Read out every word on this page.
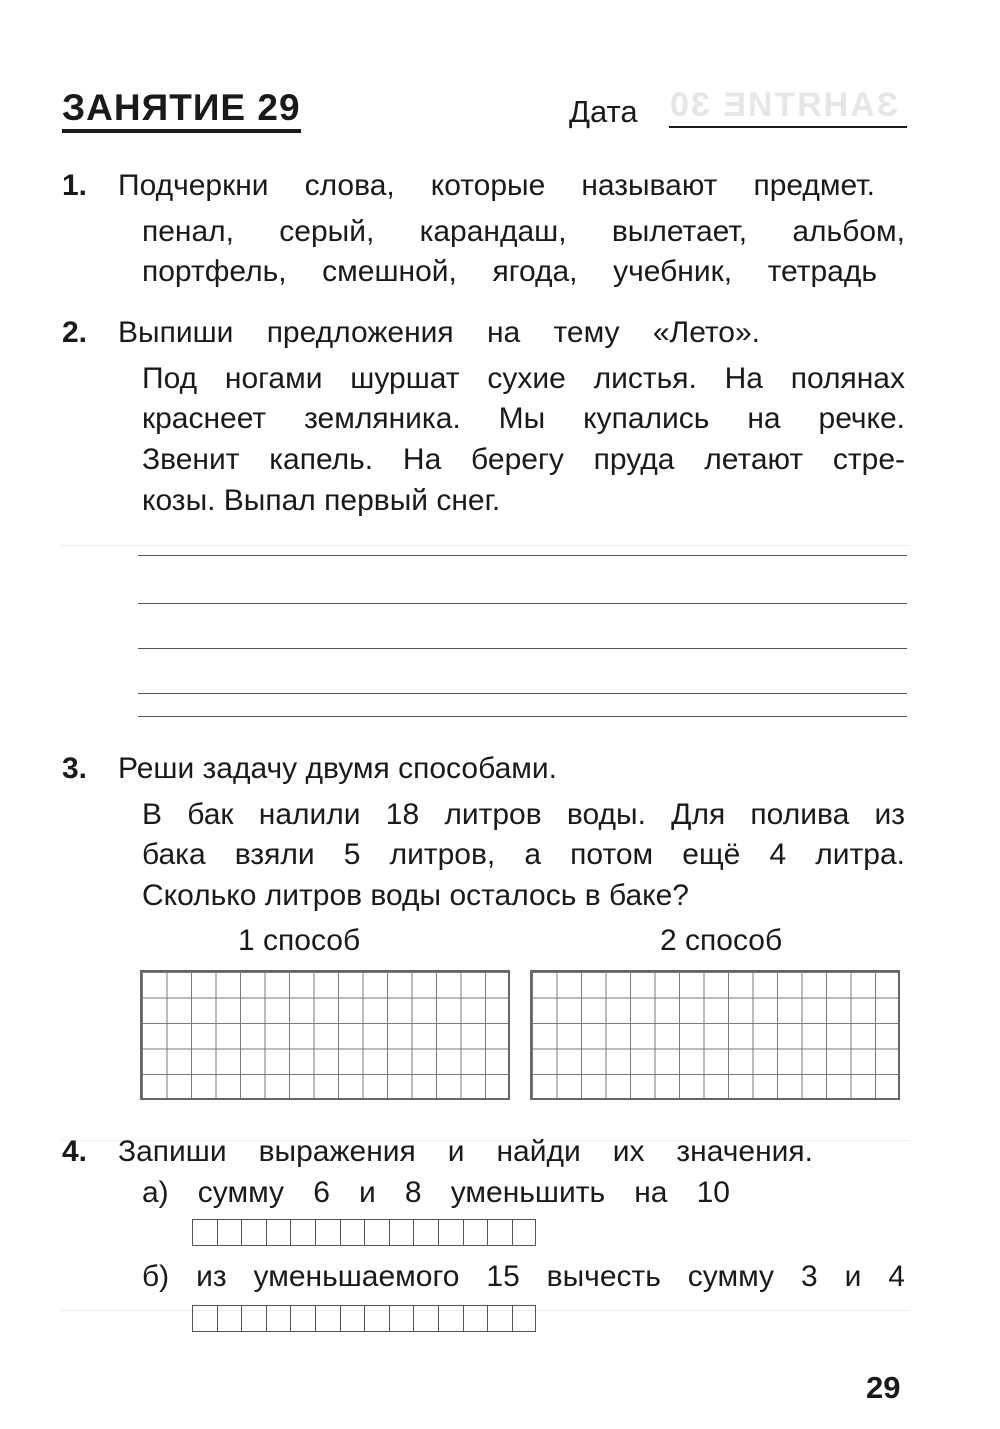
ЗАНЯТИЕ 30
ЗАНЯТИЕ 29	Дата
1. Подчеркни слова, которые называют предмет.
пенал, серый, карандаш, вылетает, альбом,
портфель, смешной, ягода, учебник, тетрадь
2. Выпиши предложения на тему «Лето».
Под ногами шуршат сухие листья. На полянах
краснеет земляника. Мы купались на речке.
Звенит капель. На берегу пруда летают стре-
козы. Выпал первый снег.
3. Реши задачу двумя способами.
В бак налили 18 литров воды. Для полива из
бака взяли 5 литров, а потом ещё 4 литра.
Сколько литров воды осталось в баке?
1 способ	2 способ
4. Запиши выражения и найди их значения.
а) сумму 6 и 8 уменьшить на 10
б) из уменьшаемого 15 вычесть сумму 3 и 4
29
